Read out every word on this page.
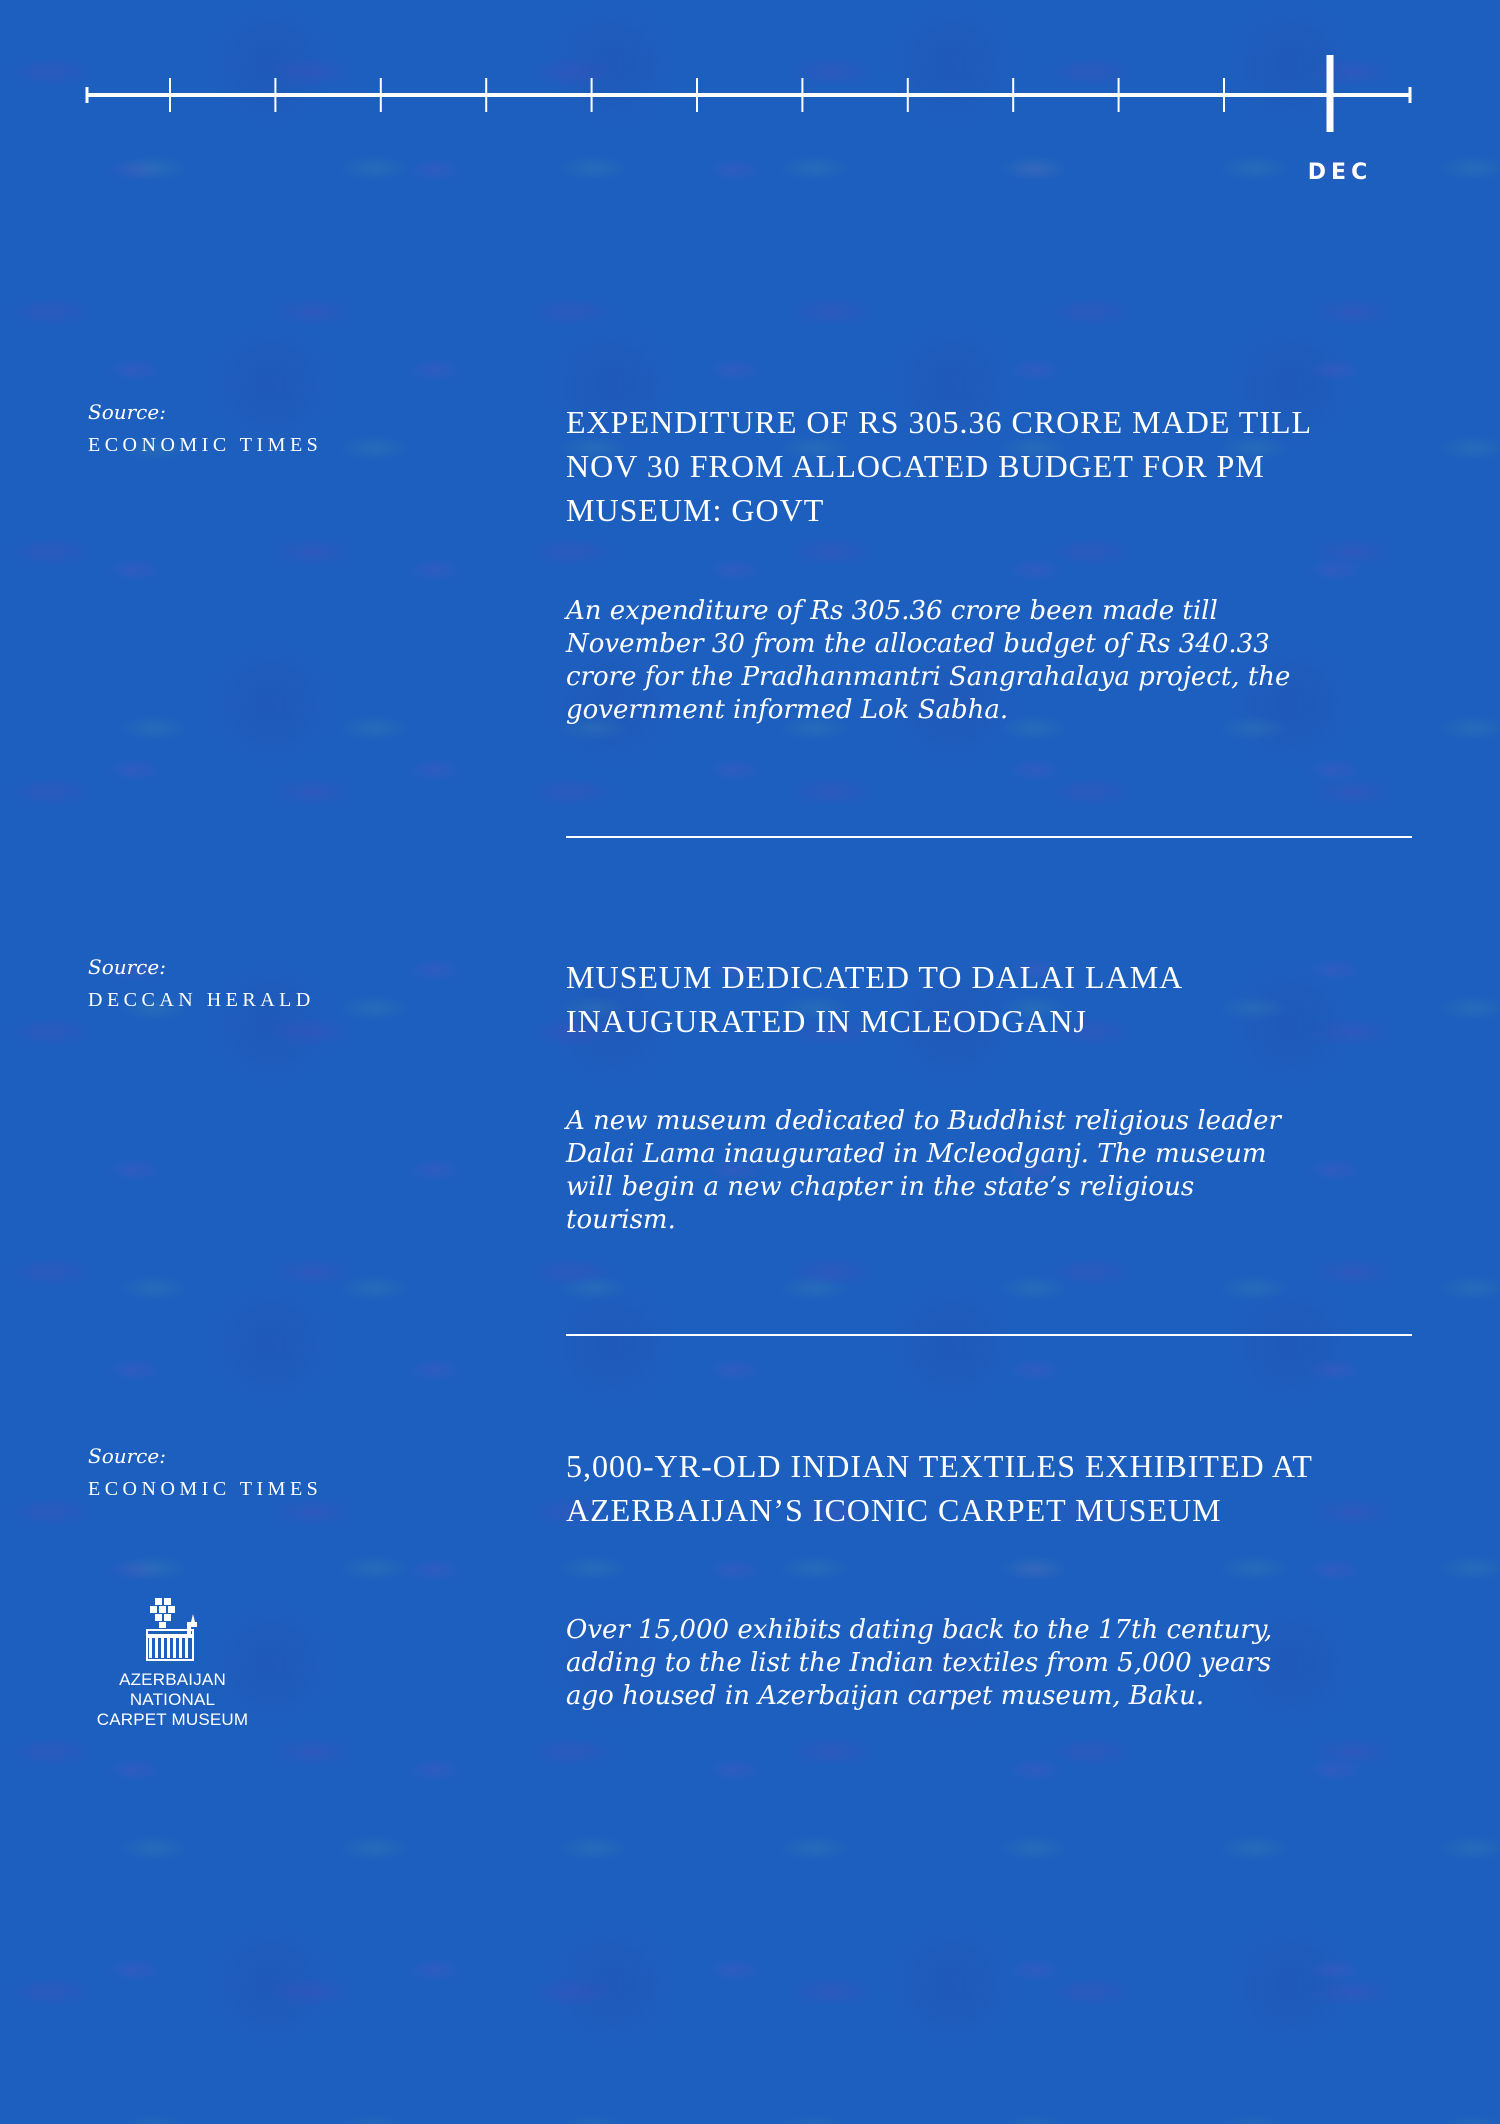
DEC
Source:
ECONOMIC TIMES
EXPENDITURE OF RS 305.36 CRORE MADE TILL NOV 30 FROM ALLOCATED BUDGET FOR PM MUSEUM: GOVT

An expenditure of Rs 305.36 crore been made till November 30 from the allocated budget of Rs 340.33 crore for the Pradhanmantri Sangrahalaya project, the government informed Lok Sabha.

Source:
DECCAN HERALD
MUSEUM DEDICATED TO DALAI LAMA INAUGURATED IN MCLEODGANJ

A new museum dedicated to Buddhist religious leader Dalai Lama inaugurated in Mcleodganj. The museum will begin a new chapter in the state’s religious tourism.

Source:
ECONOMIC TIMES
5,000-YR-OLD INDIAN TEXTILES EXHIBITED AT AZERBAIJAN’S ICONIC CARPET MUSEUM

Over 15,000 exhibits dating back to the 17th century, adding to the list the Indian textiles from 5,000 years ago housed in Azerbaijan carpet museum, Baku.

AZERBAIJAN NATIONAL
CARPET MUSEUM
